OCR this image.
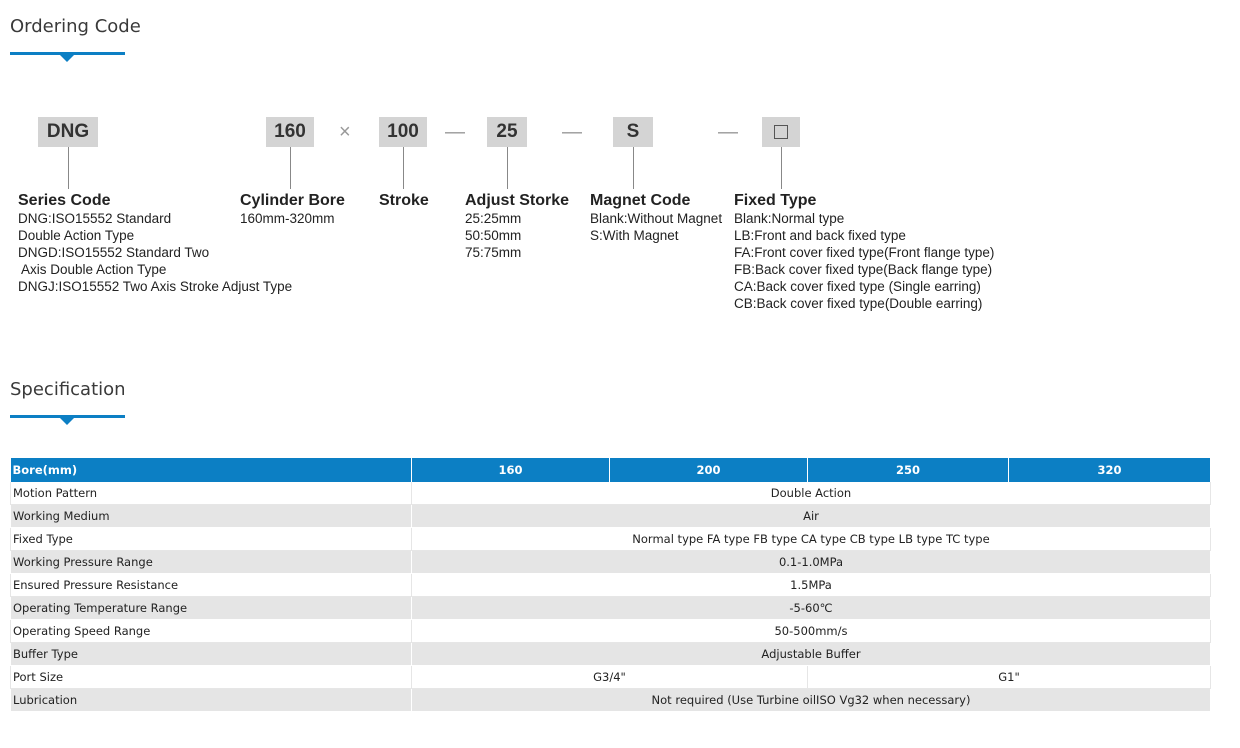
Ordering Code
DNG	160	×	100	—	25	—	S	—
Series Code
DNG:ISO15552 Standard
Double Action Type
DNGD:ISO15552 Standard Two
Axis Double Action Type
DNGJ:ISO15552 Two Axis Stroke Adjust Type
Cylinder Bore
160mm-320mm
Stroke Adjust Storke
25:25mm
50:50mm
75:75mm
Magnet Code
Blank:Without Magnet
S:With Magnet
Fixed Type
Blank:Normal type
LB:Front and back fixed type
FA:Front cover fixed type(Front flange type)
FB:Back cover fixed type(Back flange type)
CA:Back cover fixed type (Single earring)
CB:Back cover fixed type(Double earring)
Specification
Bore(mm)	160	200	250	320
Motion Pattern	Double Action			
Working Medium	Air			
Fixed Type	Normal type FA type FB type CA type CB type LB type TC type			
Working Pressure Range	0.1-1.0MPa			
Ensured Pressure Resistance	1.5MPa			
Operating Temperature Range	-5-60℃			
Operating Speed Range	50-500mm/s			
Buffer Type	Adjustable Buffer			
Port Size	G3/4"		G1"	
Lubrication	Not required (Use Turbine oilISO Vg32 when necessary)			
